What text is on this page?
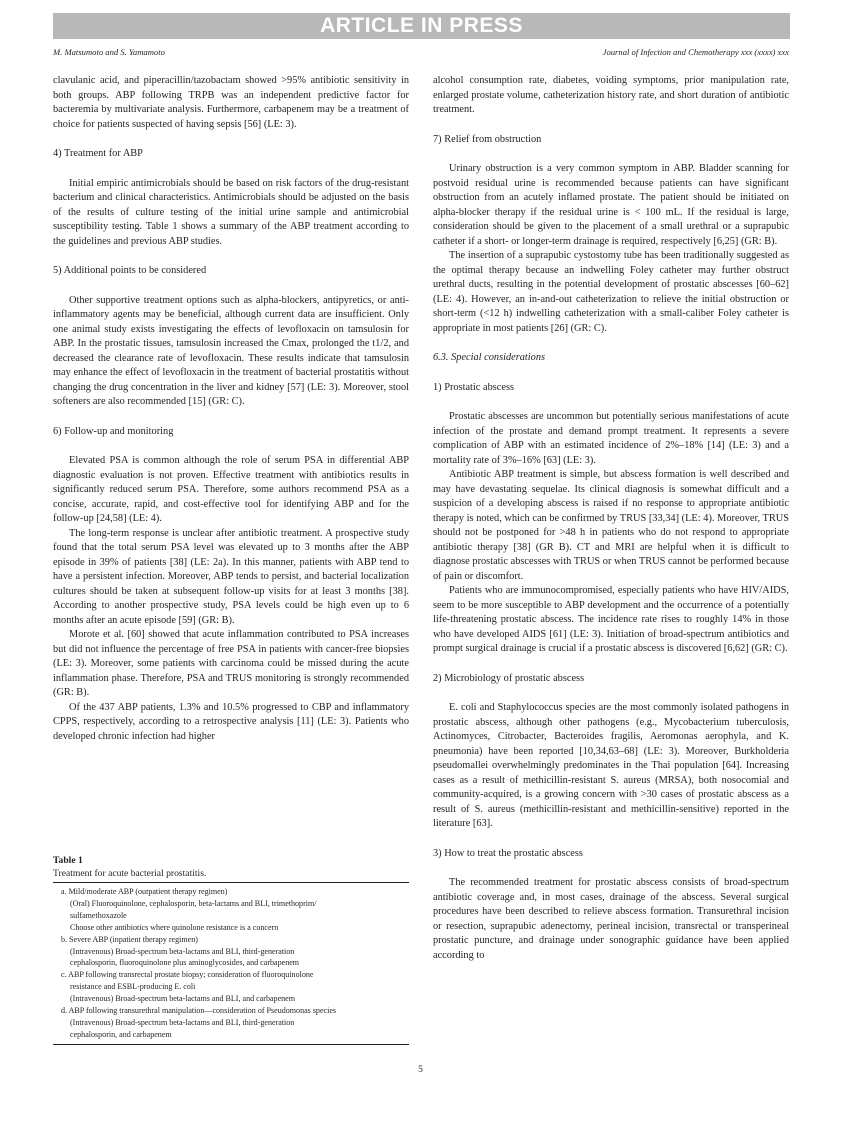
ARTICLE IN PRESS
M. Matsumoto and S. Yamamoto	Journal of Infection and Chemotherapy xxx (xxxx) xxx

clavulanic acid, and piperacillin/tazobactam showed >95% antibiotic sensitivity in both groups. ABP following TRPB was an independent predictive factor for bacteremia by multivariate analysis. Furthermore, carbapenem may be a treatment of choice for patients suspected of having sepsis [56] (LE: 3).

4) Treatment for ABP

Initial empiric antimicrobials should be based on risk factors of the drug-resistant bacterium and clinical characteristics. Antimicrobials should be adjusted on the basis of the results of culture testing of the initial urine sample and antimicrobial susceptibility testing. Table 1 shows a summary of the ABP treatment according to the guidelines and previous ABP studies.

5) Additional points to be considered

Other supportive treatment options such as alpha-blockers, antipyretics, or anti-inflammatory agents may be beneficial, although current data are insufficient. Only one animal study exists investigating the effects of levofloxacin on tamsulosin for ABP. In the prostatic tissues, tamsulosin increased the Cmax, prolonged the t1/2, and decreased the clearance rate of levofloxacin. These results indicate that tamsulosin may enhance the effect of levofloxacin in the treatment of bacterial prostatitis without changing the drug concentration in the liver and kidney [57] (LE: 3). Moreover, stool softeners are also recommended [15] (GR: C).

6) Follow-up and monitoring

Elevated PSA is common although the role of serum PSA in differential ABP diagnostic evaluation is not proven. Effective treatment with antibiotics results in significantly reduced serum PSA. Therefore, some authors recommend PSA as a concise, accurate, rapid, and cost-effective tool for identifying ABP and for the follow-up [24,58] (LE: 4).

The long-term response is unclear after antibiotic treatment. A prospective study found that the total serum PSA level was elevated up to 3 months after the ABP episode in 39% of patients [38] (LE: 2a). In this manner, patients with ABP tend to have a persistent infection. Moreover, ABP tends to persist, and bacterial localization cultures should be taken at subsequent follow-up visits for at least 3 months [38]. According to another prospective study, PSA levels could be high even up to 6 months after an acute episode [59] (GR: B).

Morote et al. [60] showed that acute inflammation contributed to PSA increases but did not influence the percentage of free PSA in patients with cancer-free biopsies (LE: 3). Moreover, some patients with carcinoma could be missed during the acute inflammation phase. Therefore, PSA and TRUS monitoring is strongly recommended (GR: B).

Of the 437 ABP patients, 1.3% and 10.5% progressed to CBP and inflammatory CPPS, respectively, according to a retrospective analysis [11] (LE: 3). Patients who developed chronic infection had higher

Table 1
Treatment for acute bacterial prostatitis.
a. Mild/moderate ABP (outpatient therapy regimen)
(Oral) Fluoroquinolone, cephalosporin, beta-lactams and BLI, trimethoprim/
sulfamethoxazole
Choose other antibiotics where quinolone resistance is a concern
b. Severe ABP (inpatient therapy regimen)
(Intravenous) Broad-spectrum beta-lactams and BLI, third-generation
cephalosporin, fluoroquinolone plus aminoglycosides, and carbapenem
c. ABP following transrectal prostate biopsy; consideration of fluoroquinolone
resistance and ESBL-producing E. coli
(Intravenous) Broad-spectrum beta-lactams and BLI, and carbapenem
d. ABP following transurethral manipulation—consideration of Pseudomonas species
(Intravenous) Broad-spectrum beta-lactams and BLI, third-generation
cephalosporin, and carbapenem

alcohol consumption rate, diabetes, voiding symptoms, prior manipulation rate, enlarged prostate volume, catheterization history rate, and short duration of antibiotic treatment.

7) Relief from obstruction

Urinary obstruction is a very common symptom in ABP. Bladder scanning for postvoid residual urine is recommended because patients can have significant obstruction from an acutely inflamed prostate. The patient should be initiated on alpha-blocker therapy if the residual urine is < 100 mL. If the residual is large, consideration should be given to the placement of a small urethral or a suprapubic catheter if a short- or longer-term drainage is required, respectively [6,25] (GR: B).

The insertion of a suprapubic cystostomy tube has been traditionally suggested as the optimal therapy because an indwelling Foley catheter may further obstruct urethral ducts, resulting in the potential development of prostatic abscesses [60–62] (LE: 4). However, an in-and-out catheterization to relieve the initial obstruction or short-term (<12 h) indwelling catheterization with a small-caliber Foley catheter is appropriate in most patients [26] (GR: C).

6.3. Special considerations
1) Prostatic abscess

Prostatic abscesses are uncommon but potentially serious manifestations of acute infection of the prostate and demand prompt treatment. It represents a severe complication of ABP with an estimated incidence of 2%–18% [14] (LE: 3) and a mortality rate of 3%–16% [63] (LE: 3).

Antibiotic ABP treatment is simple, but abscess formation is well described and may have devastating sequelae. Its clinical diagnosis is somewhat difficult and a suspicion of a developing abscess is raised if no response to appropriate antibiotic therapy is noted, which can be confirmed by TRUS [33,34] (LE: 4). Moreover, TRUS should not be postponed for >48 h in patients who do not respond to appropriate antibiotic therapy [38] (GR B). CT and MRI are helpful when it is difficult to diagnose prostatic abscesses with TRUS or when TRUS cannot be performed because of pain or discomfort.

Patients who are immunocompromised, especially patients who have HIV/AIDS, seem to be more susceptible to ABP development and the occurrence of a potentially life-threatening prostatic abscess. The incidence rate rises to roughly 14% in those who have developed AIDS [61] (LE: 3). Initiation of broad-spectrum antibiotics and prompt surgical drainage is crucial if a prostatic abscess is discovered [6,62] (GR: C).

2) Microbiology of prostatic abscess

E. coli and Staphylococcus species are the most commonly isolated pathogens in prostatic abscess, although other pathogens (e.g., Mycobacterium tuberculosis, Actinomyces, Citrobacter, Bacteroides fragilis, Aeromonas aerophyla, and K. pneumonia) have been reported [10,34,63–68] (LE: 3). Moreover, Burkholderia pseudomallei overwhelmingly predominates in the Thai population [64]. Increasing cases as a result of methicillin-resistant S. aureus (MRSA), both nosocomial and community-acquired, is a growing concern with >30 cases of prostatic abscess as a result of S. aureus (methicillin-resistant and methicillin-sensitive) reported in the literature [63].

3) How to treat the prostatic abscess

The recommended treatment for prostatic abscess consists of broad-spectrum antibiotic coverage and, in most cases, drainage of the abscess. Several surgical procedures have been described to relieve abscess formation. Transurethral incision or resection, suprapubic adenectomy, perineal incision, transrectal or transperineal prostatic puncture, and drainage under sonographic guidance have been applied according to

5
